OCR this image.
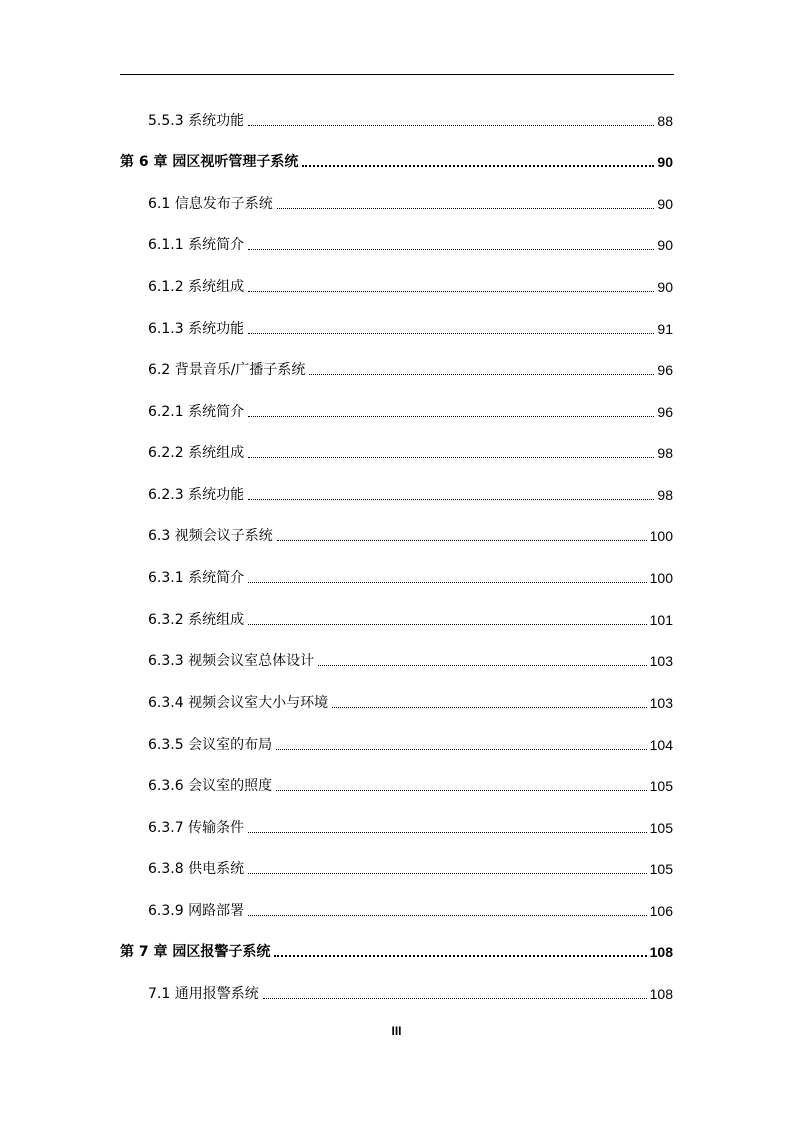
5.5.3 系统功能	88
第 6 章 园区视听管理子系统	90
6.1 信息发布子系统	90
6.1.1 系统简介	90
6.1.2 系统组成	90
6.1.3 系统功能	91
6.2 背景音乐/广播子系统	96
6.2.1 系统简介	96
6.2.2 系统组成	98
6.2.3 系统功能	98
6.3 视频会议子系统	100
6.3.1 系统简介	100
6.3.2 系统组成	101
6.3.3 视频会议室总体设计	103
6.3.4 视频会议室大小与环境	103
6.3.5 会议室的布局	104
6.3.6 会议室的照度	105
6.3.7 传输条件	105
6.3.8 供电系统	105
6.3.9 网路部署	106
第 7 章 园区报警子系统	108
7.1 通用报警系统	108
III
